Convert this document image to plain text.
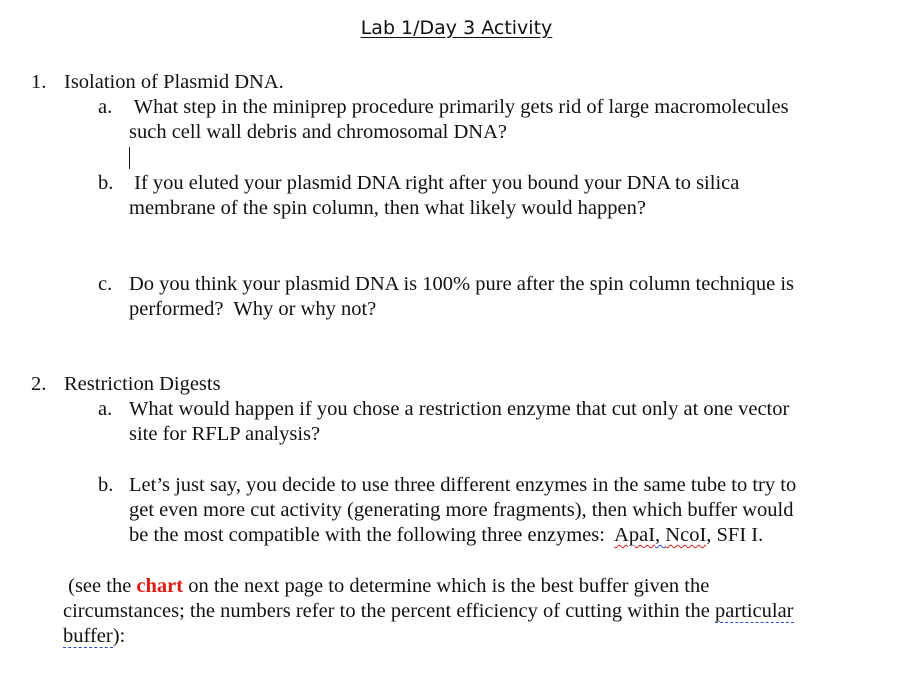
Lab 1/Day 3 Activity
1. Isolation of Plasmid DNA.
a. What step in the miniprep procedure primarily gets rid of large macromolecules
such cell wall debris and chromosomal DNA?
b. If you eluted your plasmid DNA right after you bound your DNA to silica
membrane of the spin column, then what likely would happen?
c. Do you think your plasmid DNA is 100% pure after the spin column technique is
performed?  Why or why not?
2. Restriction Digests
a. What would happen if you chose a restriction enzyme that cut only at one vector
site for RFLP analysis?
b. Let’s just say, you decide to use three different enzymes in the same tube to try to
get even more cut activity (generating more fragments), then which buffer would
be the most compatible with the following three enzymes:  ApaI, NcoI, SFI I.
(see the chart on the next page to determine which is the best buffer given the
circumstances; the numbers refer to the percent efficiency of cutting within the particular
buffer):
